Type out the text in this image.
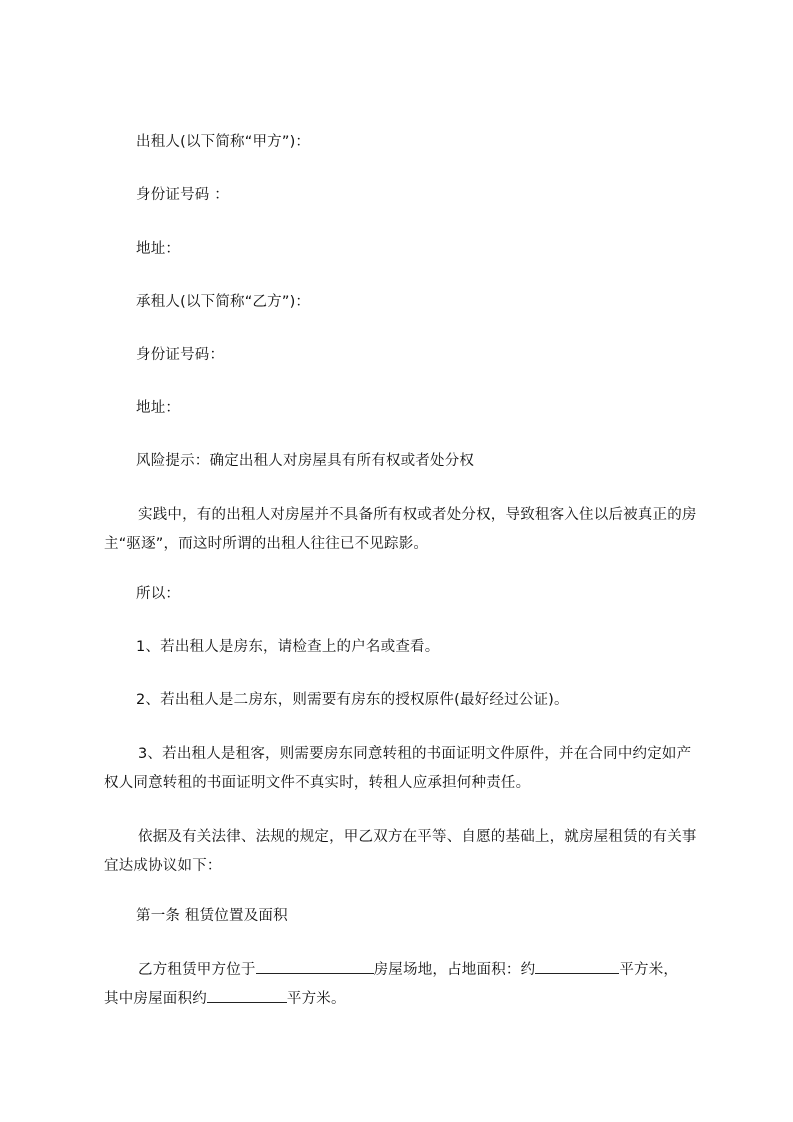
出租人(以下简称“甲方”)：
身份证号码 ：
地址：
承租人(以下简称“乙方”)：
身份证号码：
地址：
风险提示：确定出租人对房屋具有所有权或者处分权
实践中，有的出租人对房屋并不具备所有权或者处分权，导致租客入住以后被真正的房主“驱逐”，而这时所谓的出租人往往已不见踪影。
所以：
1、若出租人是房东，请检查上的户名或查看。
2、若出租人是二房东，则需要有房东的授权原件(最好经过公证)。
3、若出租人是租客，则需要房东同意转租的书面证明文件原件，并在合同中约定如产权人同意转租的书面证明文件不真实时，转租人应承担何种责任。
依据及有关法律、法规的规定，甲乙双方在平等、自愿的基础上，就房屋租赁的有关事宜达成协议如下：
第一条 租赁位置及面积
乙方租赁甲方位于	房屋场地，占地面积：约	平方米，
其中房屋面积约	平方米。
